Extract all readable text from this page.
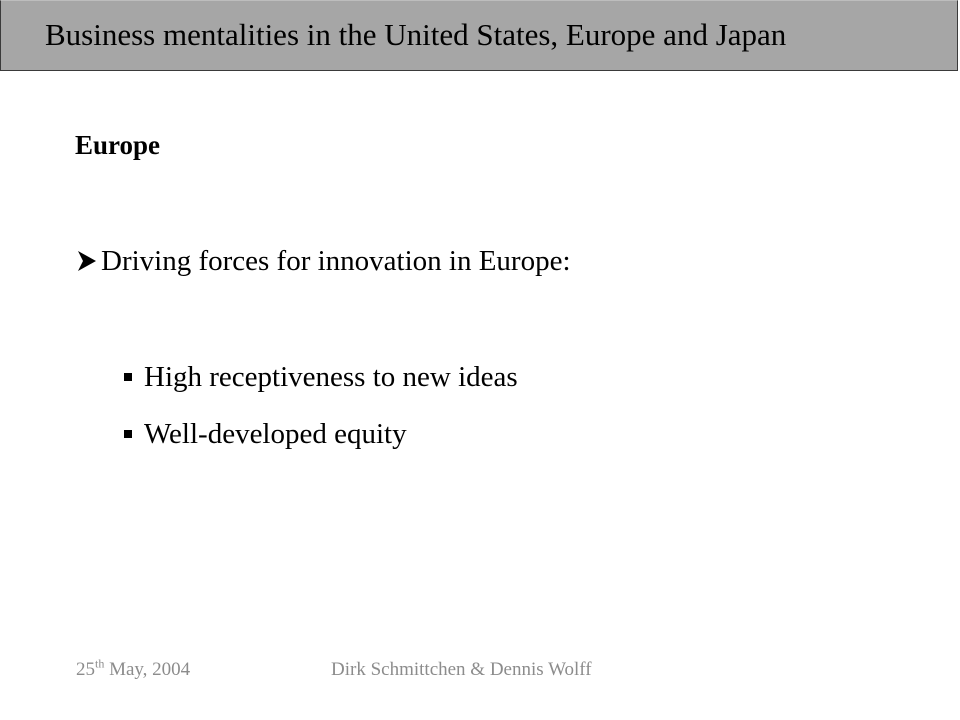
Business mentalities in the United States, Europe and Japan
Europe
Driving forces for innovation in Europe:
High receptiveness to new ideas
Well-developed equity
25th May, 2004	Dirk Schmittchen & Dennis Wolff
